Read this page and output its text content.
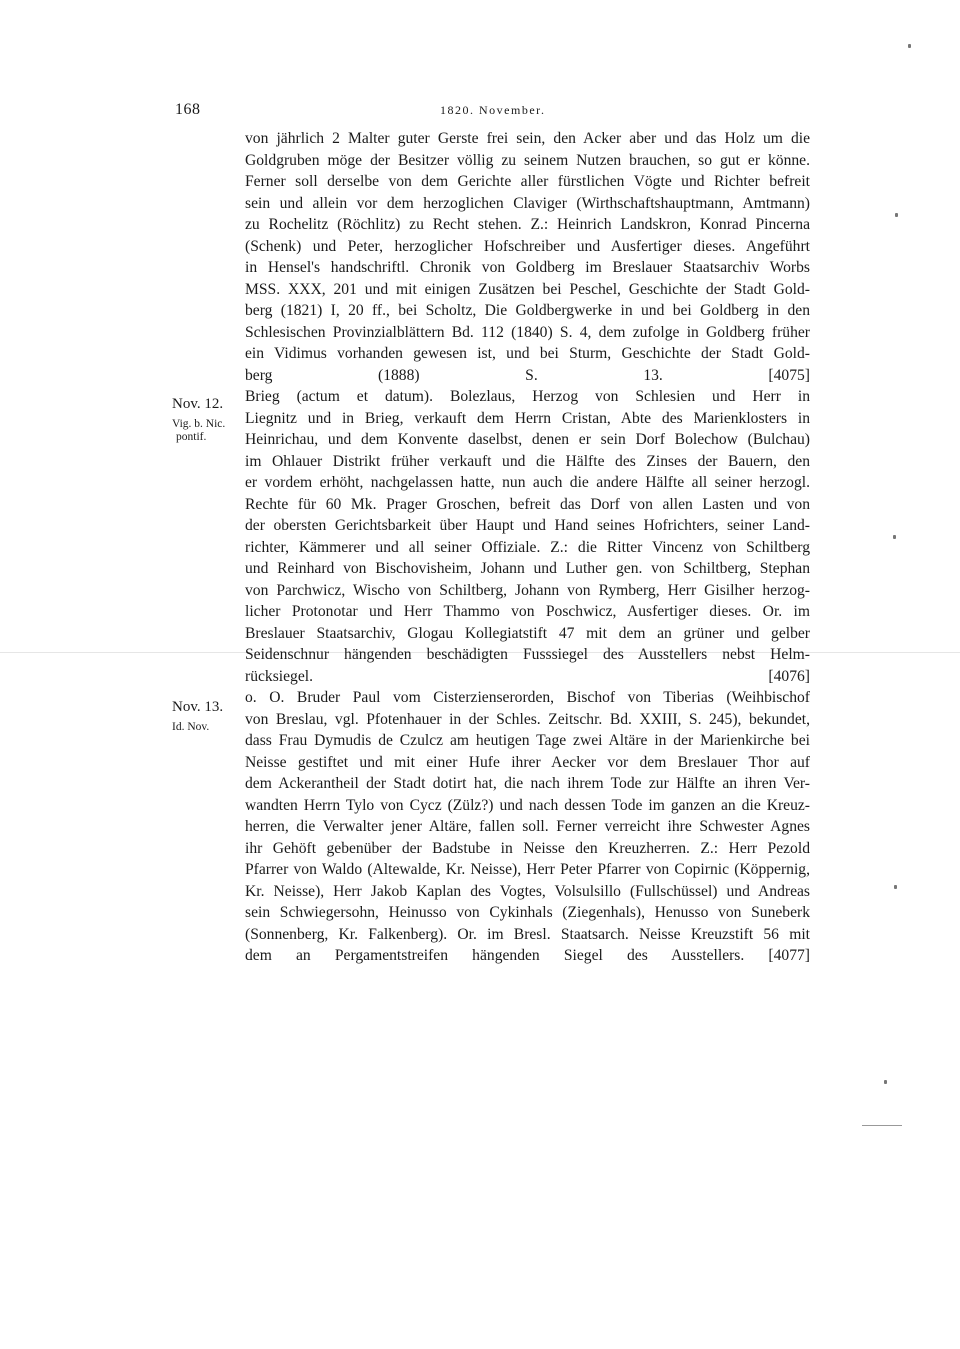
168	1820. November.
Nov. 12.
Vig. b. Nic.
pontif.
Nov. 13.
Id. Nov.
von jährlich 2 Malter guter Gerste frei sein, den Acker aber und das Holz um die
Goldgruben möge der Besitzer völlig zu seinem Nutzen brauchen, so gut er könne.
Ferner soll derselbe von dem Gerichte aller fürstlichen Vögte und Richter befreit
sein und allein vor dem herzoglichen Claviger (Wirthschaftshauptmann, Amtmann)
zu Rochelitz (Röchlitz) zu Recht stehen. Z.: Heinrich Landskron, Konrad Pincerna
(Schenk) und Peter, herzoglicher Hofschreiber und Ausfertiger dieses. Angeführt
in Hensel's handschriftl. Chronik von Goldberg im Breslauer Staatsarchiv Worbs
MSS. XXX, 201 und mit einigen Zusätzen bei Peschel, Geschichte der Stadt Gold-
berg (1821) I, 20 ff., bei Scholtz, Die Goldbergwerke in und bei Goldberg in den
Schlesischen Provinzialblättern Bd. 112 (1840) S. 4, dem zufolge in Goldberg früher
ein Vidimus vorhanden gewesen ist, und bei Sturm, Geschichte der Stadt Gold-
berg (1888) S. 13. [4075]
Brieg (actum et datum). Bolezlaus, Herzog von Schlesien und Herr in
Liegnitz und in Brieg, verkauft dem Herrn Cristan, Abte des Marienklosters in
Heinrichau, und dem Konvente daselbst, denen er sein Dorf Bolechow (Bulchau)
im Ohlauer Distrikt früher verkauft und die Hälfte des Zinses der Bauern, den
er vordem erhöht, nachgelassen hatte, nun auch die andere Hälfte all seiner herzogl.
Rechte für 60 Mk. Prager Groschen, befreit das Dorf von allen Lasten und von
der obersten Gerichtsbarkeit über Haupt und Hand seines Hofrichters, seiner Land-
richter, Kämmerer und all seiner Offiziale. Z.: die Ritter Vincenz von Schiltberg
und Reinhard von Bischovisheim, Johann und Luther gen. von Schiltberg, Stephan
von Parchwicz, Wischo von Schiltberg, Johann von Rymberg, Herr Gisilher herzog-
licher Protonotar und Herr Thammo von Poschwicz, Ausfertiger dieses. Or. im
Breslauer Staatsarchiv, Glogau Kollegiatstift 47 mit dem an grüner und gelber
Seidenschnur hängenden beschädigten Fusssiegel des Ausstellers nebst Helm-
rücksiegel. [4076]
o. O. Bruder Paul vom Cisterzienserorden, Bischof von Tiberias (Weihbischof
von Breslau, vgl. Pfotenhauer in der Schles. Zeitschr. Bd. XXIII, S. 245), bekundet,
dass Frau Dymudis de Czulcz am heutigen Tage zwei Altäre in der Marienkirche bei
Neisse gestiftet und mit einer Hufe ihrer Aecker vor dem Breslauer Thor auf
dem Ackerantheil der Stadt dotirt hat, die nach ihrem Tode zur Hälfte an ihren Ver-
wandten Herrn Tylo von Cycz (Zülz?) und nach dessen Tode im ganzen an die Kreuz-
herren, die Verwalter jener Altäre, fallen soll. Ferner verreicht ihre Schwester Agnes
ihr Gehöft gebenüber der Badstube in Neisse den Kreuzherren. Z.: Herr Pezold
Pfarrer von Waldo (Altewalde, Kr. Neisse), Herr Peter Pfarrer von Copirnic (Köppernig,
Kr. Neisse), Herr Jakob Kaplan des Vogtes, Volsulsillo (Fullschüssel) und Andreas
sein Schwiegersohn, Heinusso von Cykinhals (Ziegenhals), Henusso von Suneberk
(Sonnenberg, Kr. Falkenberg). Or. im Bresl. Staatsarch. Neisse Kreuzstift 56 mit
dem an Pergamentstreifen hängenden Siegel des Ausstellers. [4077]
